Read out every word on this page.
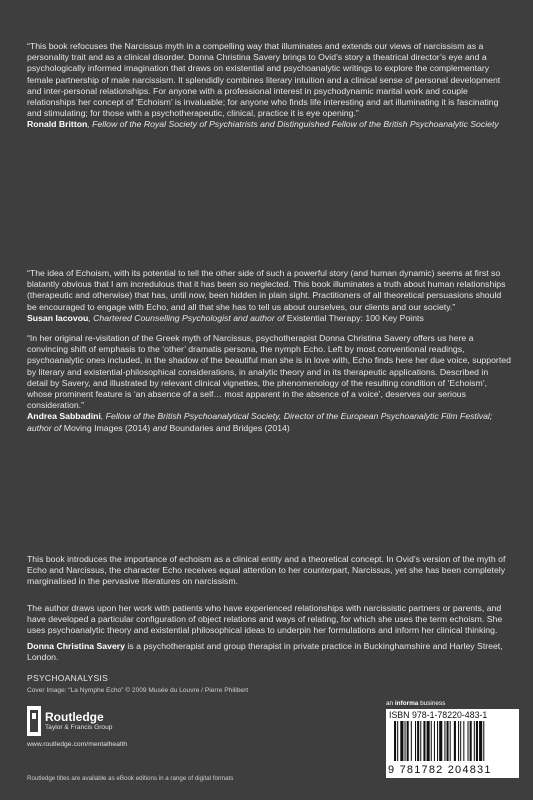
“This book refocuses the Narcissus myth in a compelling way that illuminates and extends our views of narcissism as a personality trait and as a clinical disorder. Donna Christina Savery brings to Ovid’s story a theatrical director’s eye and a psychologically informed imagination that draws on existential and psychoanalytic writings to explore the complementary female partnership of male narcissism. It splendidly combines literary intuition and a clinical sense of personal development and inter-personal relationships. For anyone with a professional interest in psychodynamic marital work and couple relationships her concept of ‘Echoism’ is invaluable; for anyone who finds life interesting and art illuminating it is fascinating and stimulating; for those with a psychotherapeutic, clinical, practice it is eye opening.”
Ronald Britton, Fellow of the Royal Society of Psychiatrists and Distinguished Fellow of the British Psychoanalytic Society
“The idea of Echoism, with its potential to tell the other side of such a powerful story (and human dynamic) seems at first so blatantly obvious that I am incredulous that it has been so neglected. This book illuminates a truth about human relationships (therapeutic and otherwise) that has, until now, been hidden in plain sight. Practitioners of all theoretical persuasions should be encouraged to engage with Echo, and all that she has to tell us about ourselves, our clients and our society.”
Susan Iacovou, Chartered Counselling Psychologist and author of Existential Therapy: 100 Key Points
“In her original re-visitation of the Greek myth of Narcissus, psychotherapist Donna Christina Savery offers us here a convincing shift of emphasis to the ‘other’ dramatis persona, the nymph Echo. Left by most conventional readings, psychoanalytic ones included, in the shadow of the beautiful man she is in love with, Echo finds here her due voice, supported by literary and existential-philosophical considerations, in analytic theory and in its therapeutic applications. Described in detail by Savery, and illustrated by relevant clinical vignettes, the phenomenology of the resulting condition of ‘Echoism’, whose prominent feature is ‘an absence of a self… most apparent in the absence of a voice’, deserves our serious consideration.”
Andrea Sabbadini, Fellow of the British Psychoanalytical Society, Director of the European Psychoanalytic Film Festival; author of Moving Images (2014) and Boundaries and Bridges (2014)
This book introduces the importance of echoism as a clinical entity and a theoretical concept. In Ovid’s version of the myth of Echo and Narcissus, the character Echo receives equal attention to her counterpart, Narcissus, yet she has been completely marginalised in the pervasive literatures on narcissism.
The author draws upon her work with patients who have experienced relationships with narcissistic partners or parents, and have developed a particular configuration of object relations and ways of relating, for which she uses the term echoism. She uses psychoanalytic theory and existential philosophical ideas to underpin her formulations and inform her clinical thinking.
Donna Christina Savery is a psychotherapist and group therapist in private practice in Buckinghamshire and Harley Street, London.
PSYCHOANALYSIS
Cover Image: “La Nymphe Echo” © 2009 Musée du Louvre / Pierre Philibert
Routledge
Taylor & Francis Group
www.routledge.com/mentalhealth
Routledge titles are available as eBook editions in a range of digital formats
an informa business
ISBN 978-1-78220-483-1
9 781782 204831
